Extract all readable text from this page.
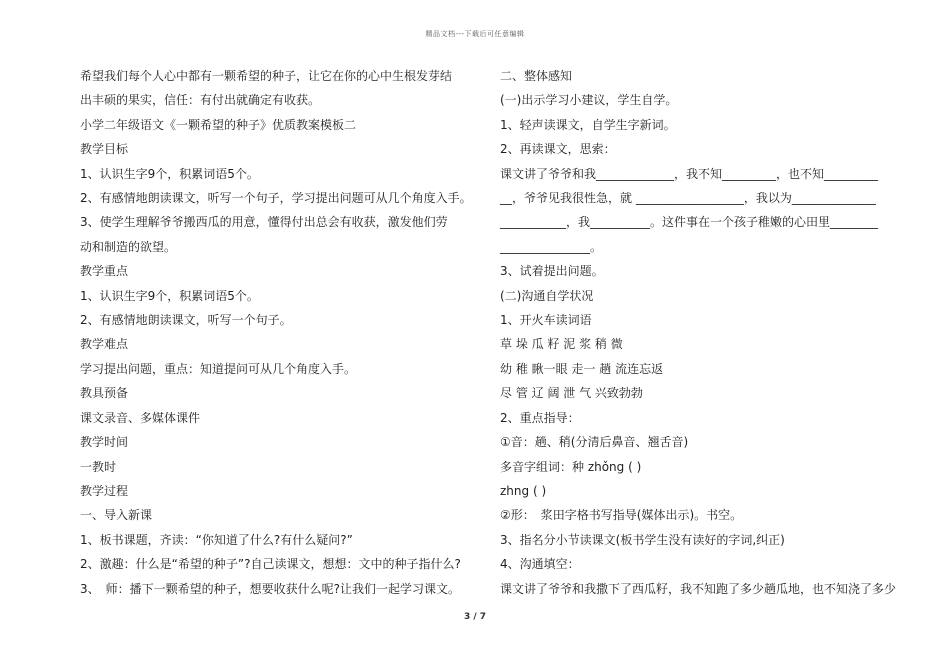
精品文档---下载后可任意编辑
希望我们每个人心中都有一颗希望的种子，让它在你的心中生根发芽结出丰硕的果实，信任：有付出就确定有收获。
小学二年级语文《一颗希望的种子》优质教案模板二
教学目标
1、认识生字9个，积累词语5个。
2、有感情地朗读课文，听写一个句子，学习提出问题可从几个角度入手。
3、使学生理解爷爷搬西瓜的用意，懂得付出总会有收获，激发他们劳动和制造的欲望。
教学重点
1、认识生字9个，积累词语5个。
2、有感情地朗读课文，听写一个句子。
教学难点
学习提出问题，重点：知道提问可从几个角度入手。
教具预备
课文录音、多媒体课件
教学时间
一教时
教学过程
一、导入新课
1、板书课题，齐读：“你知道了什么?有什么疑问?”
2、激趣：什么是“希望的种子”?自己读课文，想想：文中的种子指什么?
3、　师：播下一颗希望的种子，想要收获什么呢?让我们一起学习课文。
二、整体感知
(一)出示学习小建议，学生自学。
1、轻声读课文，自学生字新词。
2、再读课文，思索：
课文讲了爷爷和我_____________，我不知_________，也不知___________，爷爷见我很性急，就 __________________，我以为_________________________，我__________。这件事在一个孩子稚嫩的心田里_______________________。
3、试着提出问题。
(二)沟通自学状况
1、开火车读词语
草 垛 瓜 籽 泥 浆 稍 微
幼 稚 瞅一眼 走一 趟 流连忘返
尽 管 辽 阔 泄 气 兴致勃勃
2、重点指导：
①音：趟、稍(分清后鼻音、翘舌音)
多音字组词：种 zhǒng ( )
zhng ( )
②形：　浆田字格书写指导(媒体出示)。书空。
3、指名分小节读课文(板书学生没有读好的字词,纠正)
4、沟通填空：
课文讲了爷爷和我撒下了西瓜籽，我不知跑了多少趟瓜地，也不知浇了多少
3 / 7
